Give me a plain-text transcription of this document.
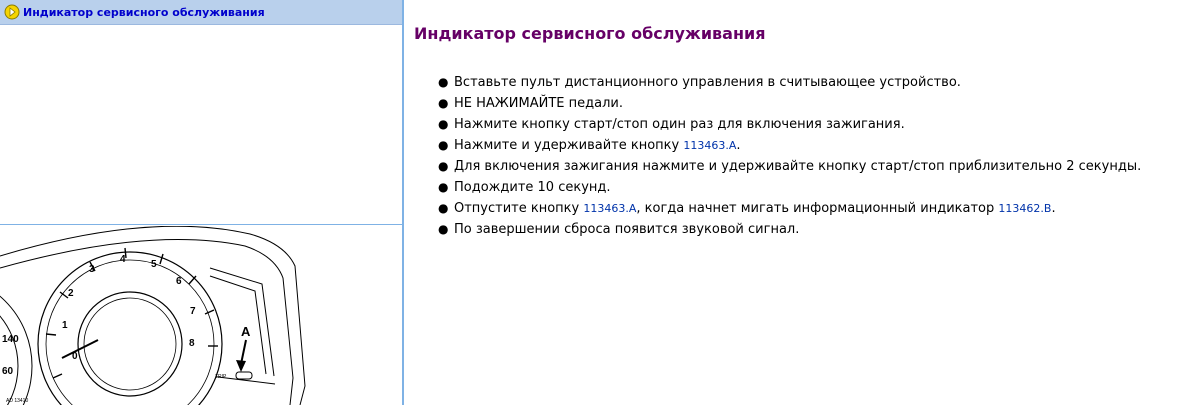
Индикатор сервисного обслуживания
0
1
2
3
4	5
6
7
8
140
60
A
TRIP
AD 13410
Индикатор сервисного обслуживания
● Вставьте пульт дистанционного управления в считывающее устройство.
● НЕ НАЖИМАЙТЕ педали.
● Нажмите кнопку старт/стоп один раз для включения зажигания.
● Нажмите и удерживайте кнопку 113463.A.
● Для включения зажигания нажмите и удерживайте кнопку старт/стоп приблизительно 2 секунды.
● Подождите 10 секунд.
● Отпустите кнопку 113463.A, когда начнет мигать информационный индикатор 113462.B.
● По завершении сброса появится звуковой сигнал.
